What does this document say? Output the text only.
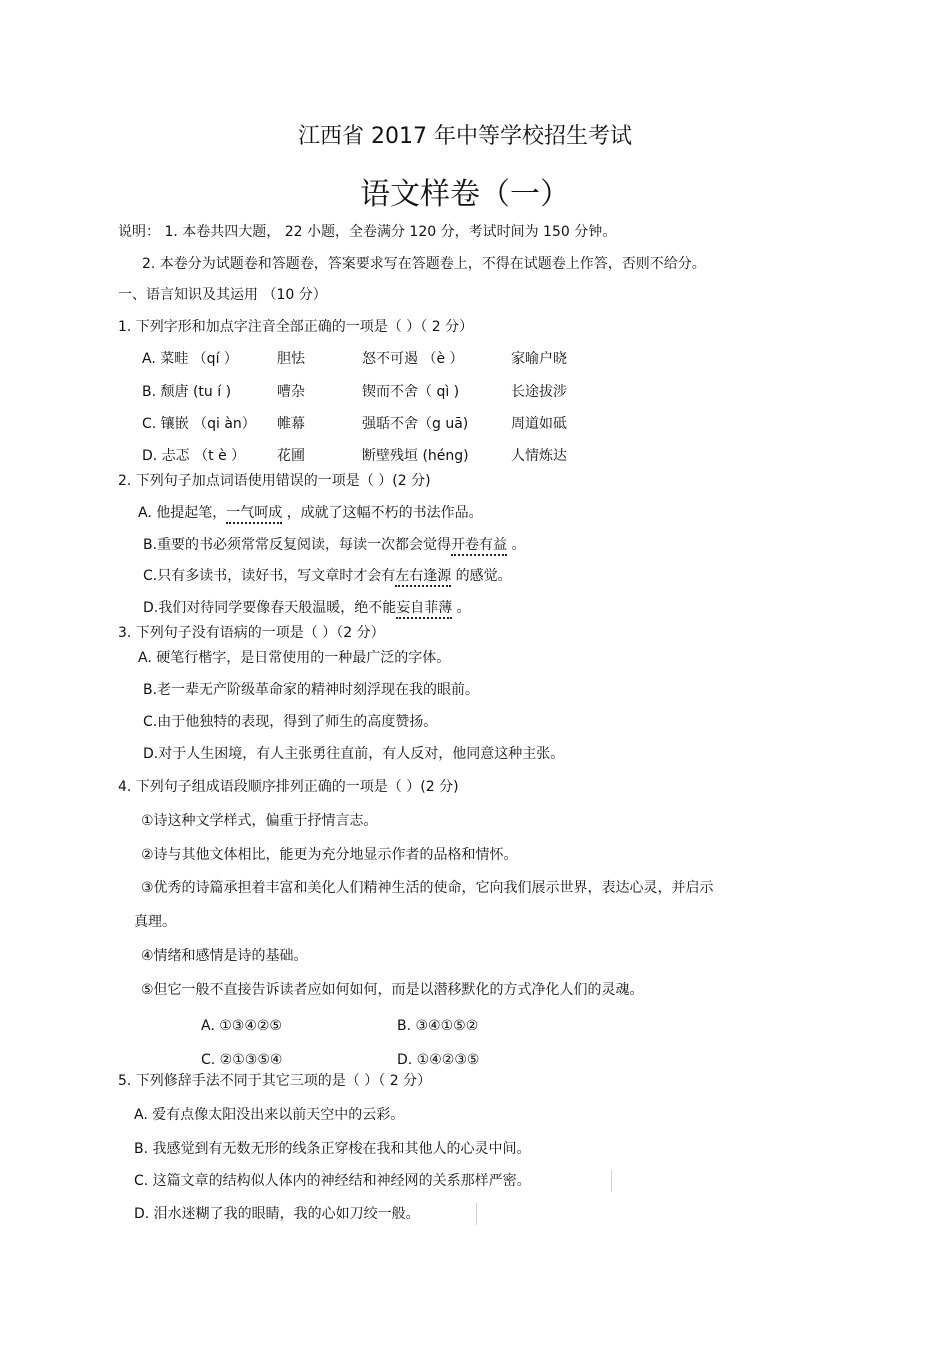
江西省 2017 年中等学校招生考试
语文样卷（一）
说明： 1. 本卷共四大题， 22 小题，全卷满分 120 分，考试时间为 150 分钟。
2. 本卷分为试题卷和答题卷，答案要求写在答题卷上，不得在试题卷上作答，否则不给分。
一、语言知识及其运用 （10 分）
1. 下列字形和加点字注音全部正确的一项是（ ）（ 2 分）
A. 菜畦 （qí ）	胆怯	怒不可遏 （è ）	家喻户晓
B. 颓唐 (tu í )	嘈杂	锲而不舍（ qì )	长途拔涉
C. 镶嵌 （qi àn） 帷幕	强聒不舍（g uā)	周道如砥
D. 忐忑 （t è ） 花圃	断壁残垣 (héng)	人情炼达
2. 下列句子加点词语使用错误的一项是（ ）(2 分)
A. 他提起笔，一气呵成 ，成就了这幅不朽的书法作品。
B.重要的书必须常常反复阅读，每读一次都会觉得开卷有益 。
C.只有多读书，读好书，写文章时才会有左右逢源 的感觉。
D.我们对待同学要像春天般温暖，绝不能妄自菲薄 。
3. 下列句子没有语病的一项是（ ）（2 分）
A. 硬笔行楷字，是日常使用的一种最广泛的字体。
B.老一辈无产阶级革命家的精神时刻浮现在我的眼前。
C.由于他独特的表现，得到了师生的高度赞扬。
D.对于人生困境，有人主张勇往直前，有人反对，他同意这种主张。
4. 下列句子组成语段顺序排列正确的一项是（ ）(2 分)
①诗这种文学样式，偏重于抒情言志。
②诗与其他文体相比，能更为充分地显示作者的品格和情怀。
③优秀的诗篇承担着丰富和美化人们精神生活的使命，它向我们展示世界，表达心灵，并启示
真理。
④情绪和感情是诗的基础。
⑤但它一般不直接告诉读者应如何如何，而是以潜移默化的方式净化人们的灵魂。
A. ①③④②⑤	B. ③④①⑤②
C. ②①③⑤④	D. ①④②③⑤
5. 下列修辞手法不同于其它三项的是（ ）（ 2 分）
A. 爱有点像太阳没出来以前天空中的云彩。
B. 我感觉到有无数无形的线条正穿梭在我和其他人的心灵中间。
C. 这篇文章的结构似人体内的神经结和神经网的关系那样严密。
D. 泪水迷糊了我的眼睛，我的心如刀绞一般。
